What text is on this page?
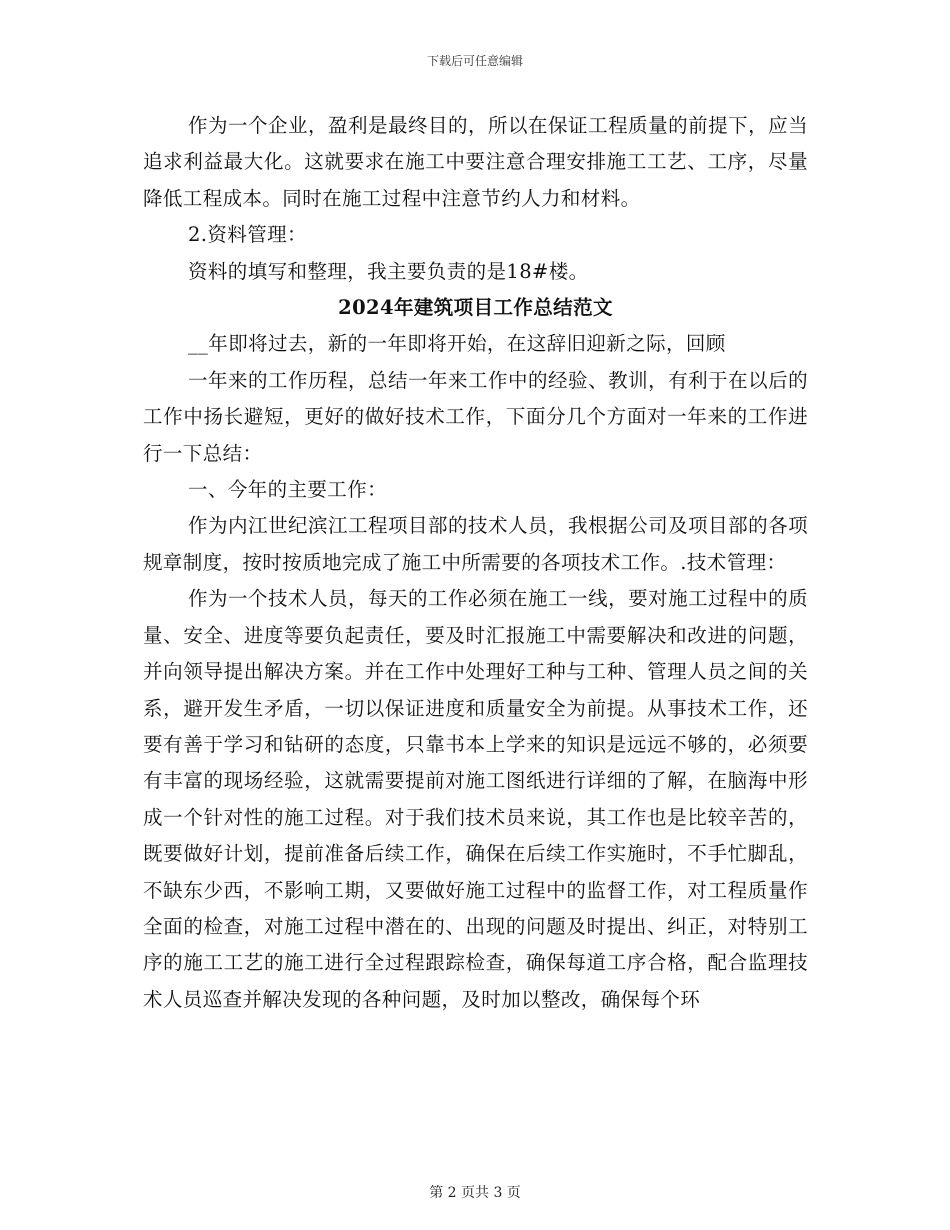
下载后可任意编辑

作为一个企业，盈利是最终目的，所以在保证工程质量的前提下，应当追求利益最大化。这就要求在施工中要注意合理安排施工工艺、工序，尽量降低工程成本。同时在施工过程中注意节约人力和材料。

2.资料管理：

资料的填写和整理，我主要负责的是18#楼。

2024年建筑项目工作总结范文

__年即将过去，新的一年即将开始，在这辞旧迎新之际，回顾

一年来的工作历程，总结一年来工作中的经验、教训，有利于在以后的工作中扬长避短，更好的做好技术工作，下面分几个方面对一年来的工作进行一下总结：

一、今年的主要工作：

作为内江世纪滨江工程项目部的技术人员，我根据公司及项目部的各项规章制度，按时按质地完成了施工中所需要的各项技术工作。.技术管理：

作为一个技术人员，每天的工作必须在施工一线，要对施工过程中的质量、安全、进度等要负起责任，要及时汇报施工中需要解决和改进的问题，并向领导提出解决方案。并在工作中处理好工种与工种、管理人员之间的关系，避开发生矛盾，一切以保证进度和质量安全为前提。从事技术工作，还要有善于学习和钻研的态度，只靠书本上学来的知识是远远不够的，必须要有丰富的现场经验，这就需要提前对施工图纸进行详细的了解，在脑海中形成一个针对性的施工过程。对于我们技术员来说，其工作也是比较辛苦的，既要做好计划，提前准备后续工作，确保在后续工作实施时，不手忙脚乱，不缺东少西，不影响工期，又要做好施工过程中的监督工作，对工程质量作全面的检查，对施工过程中潜在的、出现的问题及时提出、纠正，对特别工序的施工工艺的施工进行全过程跟踪检查，确保每道工序合格，配合监理技术人员巡查并解决发现的各种问题，及时加以整改，确保每个环

第 2 页共 3 页
